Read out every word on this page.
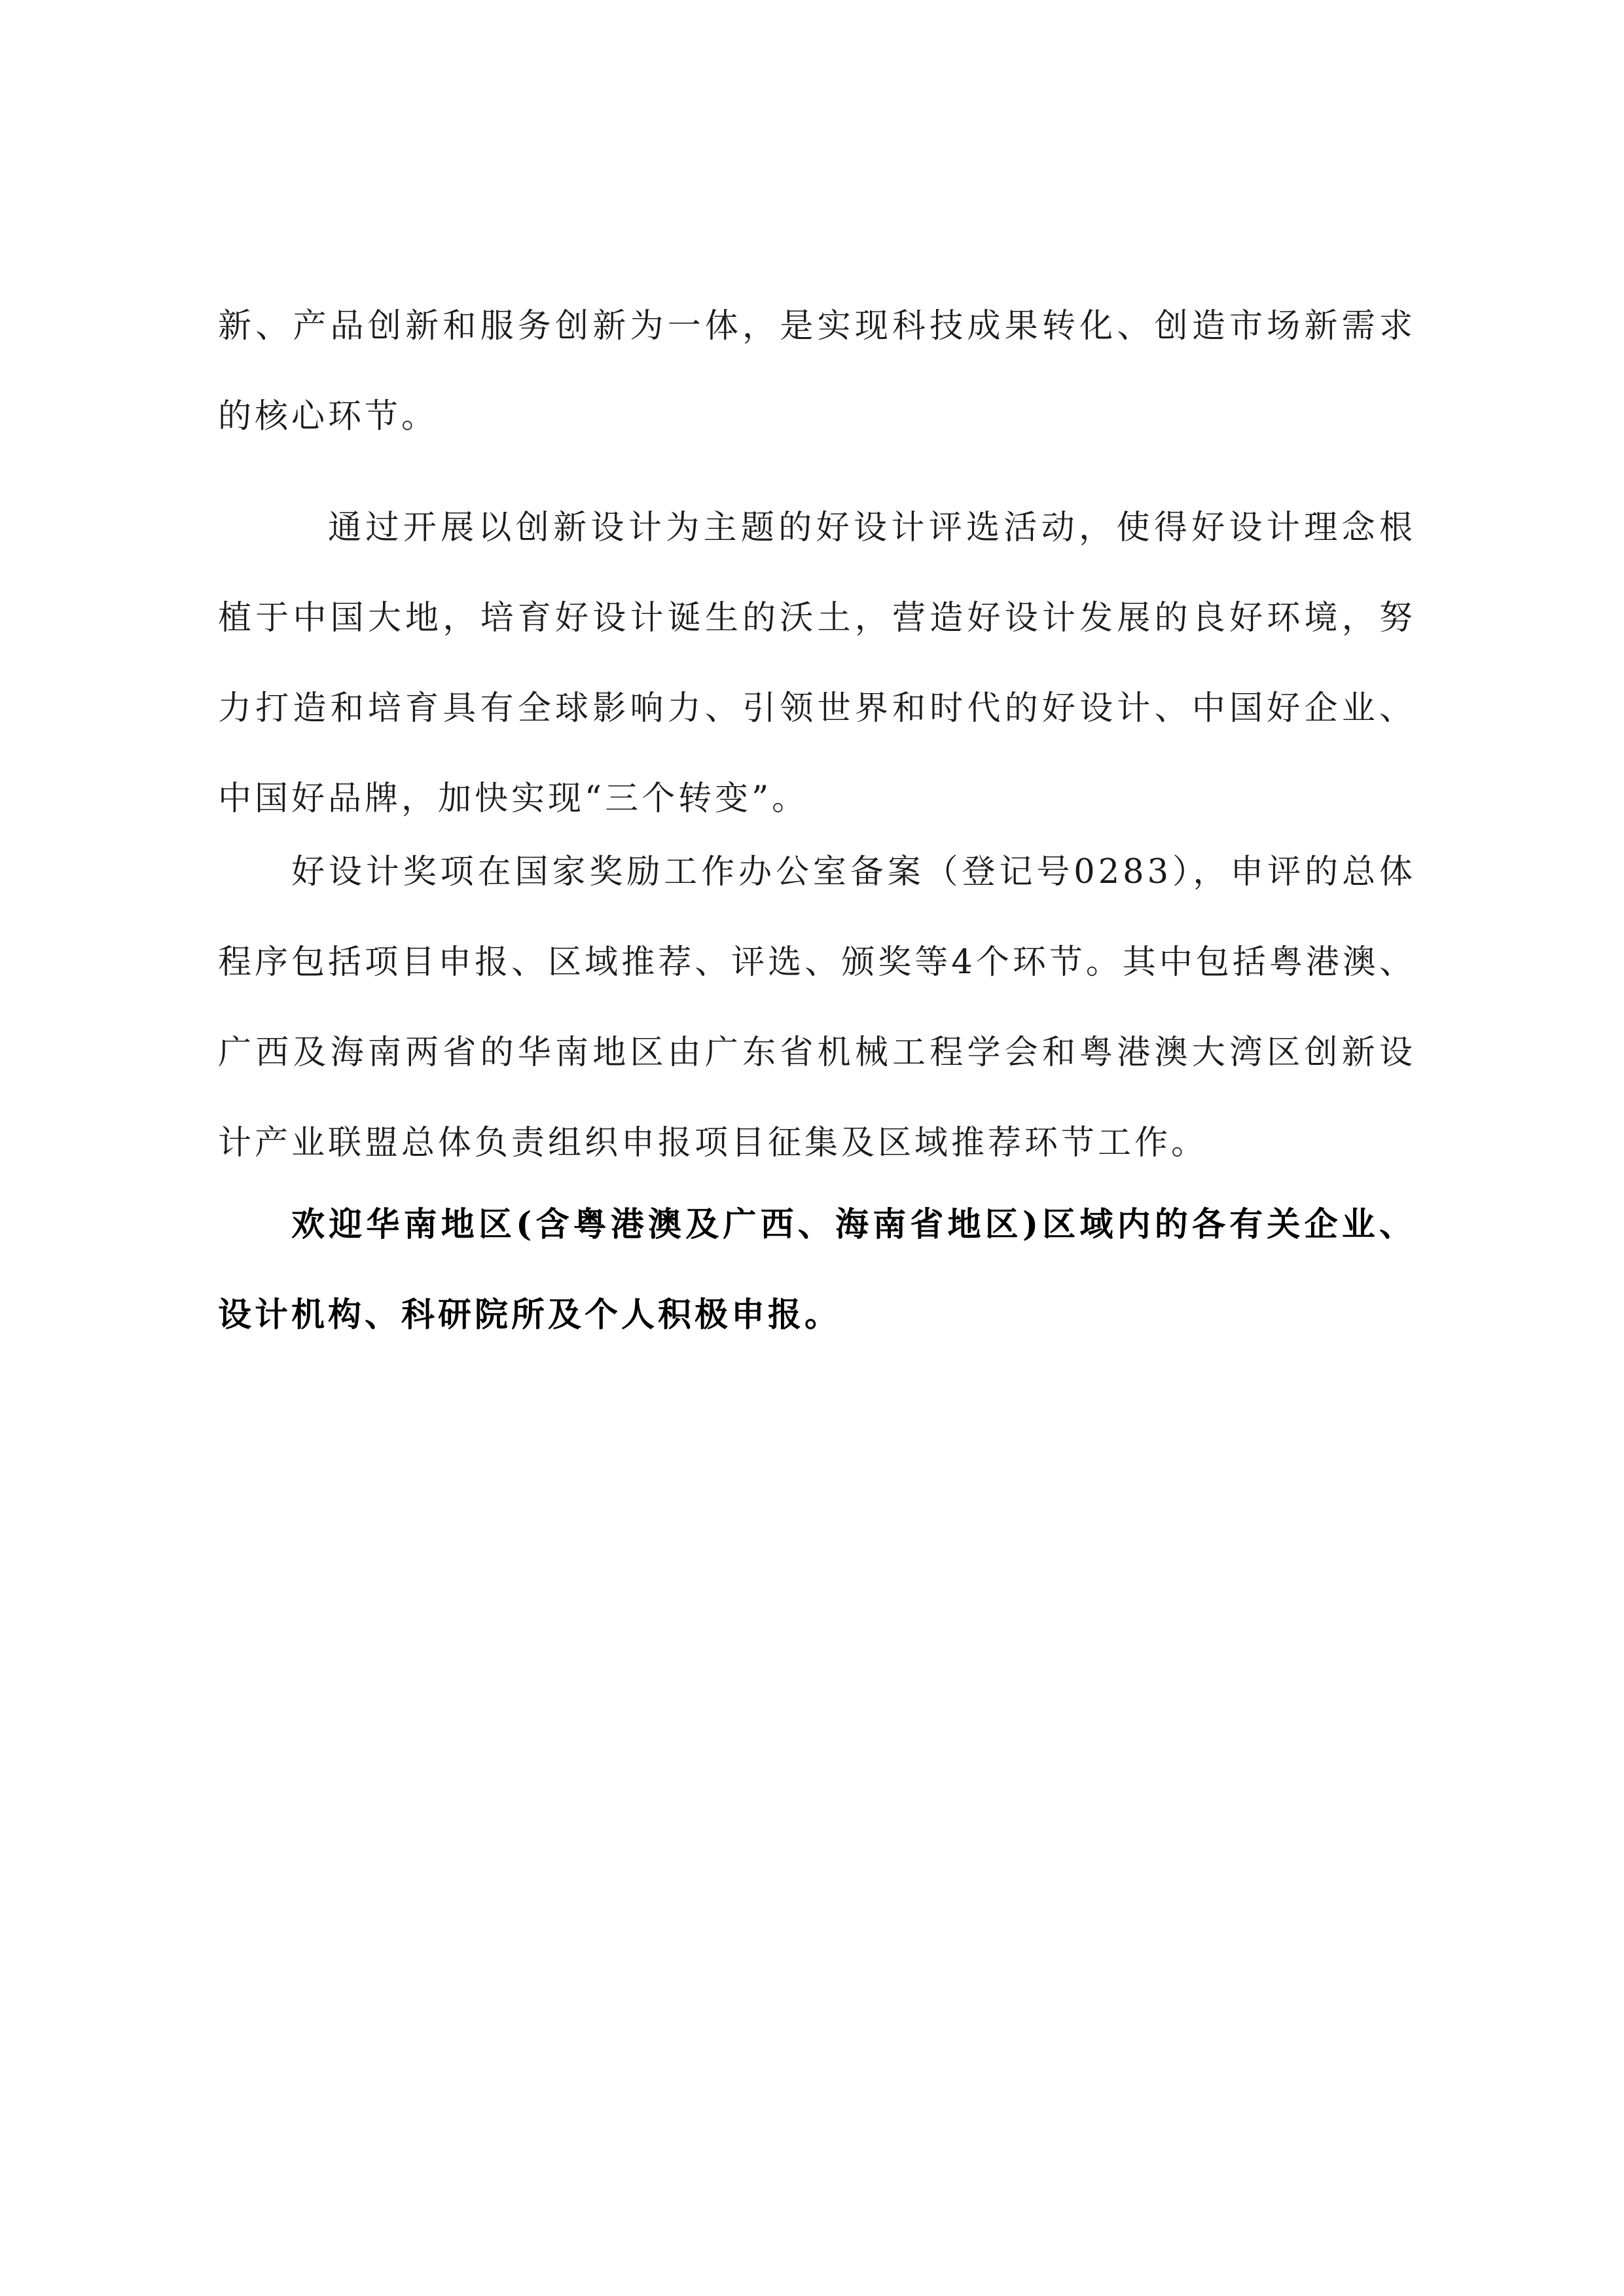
新、产品创新和服务创新为一体，是实现科技成果转化、创造市场新需求的核心环节。

通过开展以创新设计为主题的好设计评选活动，使得好设计理念根植于中国大地，培育好设计诞生的沃土，营造好设计发展的良好环境，努力打造和培育具有全球影响力、引领世界和时代的好设计、中国好企业、中国好品牌，加快实现“三个转变”。

好设计奖项在国家奖励工作办公室备案（登记号0283），申评的总体程序包括项目申报、区域推荐、评选、颁奖等4个环节。其中包括粤港澳、广西及海南两省的华南地区由广东省机械工程学会和粤港澳大湾区创新设计产业联盟总体负责组织申报项目征集及区域推荐环节工作。

欢迎华南地区(含粤港澳及广西、海南省地区)区域内的各有关企业、设计机构、科研院所及个人积极申报。
